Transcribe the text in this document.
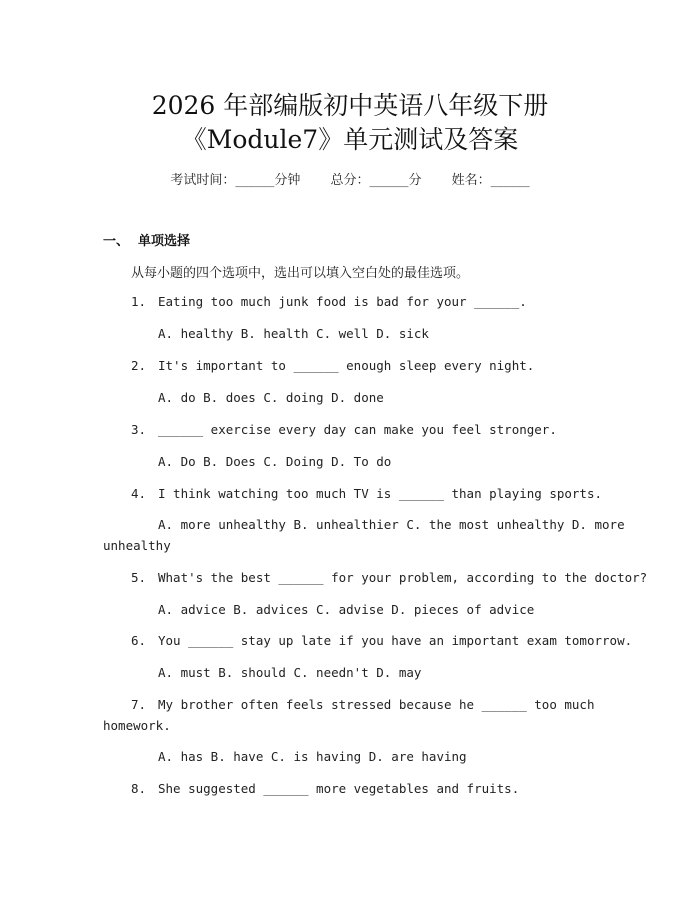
2026 年部编版初中英语八年级下册
《Module7》单元测试及答案
考试时间：______分钟 总分：______分 姓名：______
一、 单项选择
从每小题的四个选项中，选出可以填入空白处的最佳选项。
1. Eating too much junk food is bad for your ______.
A. healthy B. health C. well D. sick
2. It's important to ______ enough sleep every night.
A. do B. does C. doing D. done
3. ______ exercise every day can make you feel stronger.
A. Do B. Does C. Doing D. To do
4. I think watching too much TV is ______ than playing sports.
A. more unhealthy B. unhealthier C. the most unhealthy D. more
unhealthy
5. What's the best ______ for your problem, according to the doctor?
A. advice B. advices C. advise D. pieces of advice
6. You ______ stay up late if you have an important exam tomorrow.
A. must B. should C. needn't D. may
7. My brother often feels stressed because he ______ too much
homework.
A. has B. have C. is having D. are having
8. She suggested ______ more vegetables and fruits.
